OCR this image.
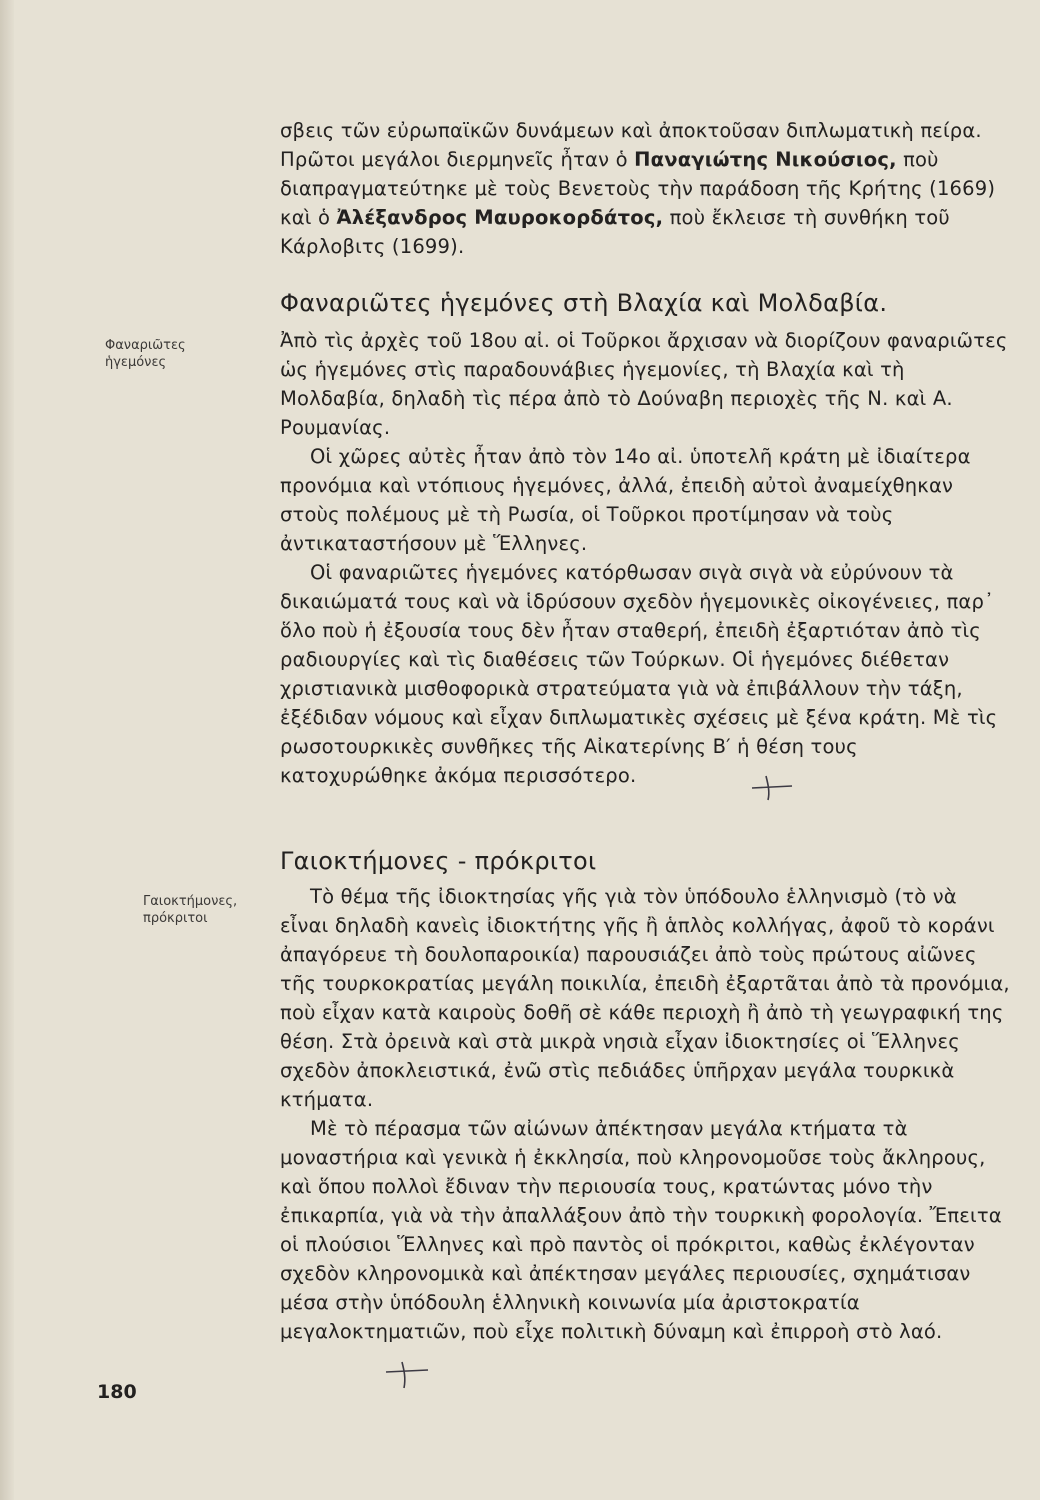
σβεις τῶν εὐρωπαϊκῶν δυνάμεων καὶ ἀποκτοῦσαν διπλωματικὴ πείρα. Πρῶτοι μεγάλοι διερμηνεῖς ἦταν ὁ Παναγιώτης Νικούσιος, ποὺ διαπραγματεύτηκε μὲ τοὺς Βενετοὺς τὴν παράδοση τῆς Κρήτης (1669) καὶ ὁ Ἀλέξανδρος Μαυροκορδάτος, ποὺ ἔκλεισε τὴ συνθήκη τοῦ Κάρλοβιτς (1699).

Φαναριῶτες ἡγεμόνες
Φαναριῶτες ἡγεμόνες στὴ Βλαχία καὶ Μολδαβία.

Ἀπὸ τὶς ἀρχὲς τοῦ 18ου αἰ. οἱ Τοῦρκοι ἄρχισαν νὰ διορίζουν φαναριῶτες ὡς ἡγεμόνες στὶς παραδουνάβιες ἡγεμονίες, τὴ Βλαχία καὶ τὴ Μολδαβία, δηλαδὴ τὶς πέρα ἀπὸ τὸ Δούναβη περιοχὲς τῆς Ν. καὶ Α. Ρουμανίας.

Οἱ χῶρες αὐτὲς ἦταν ἀπὸ τὸν 14ο αἰ. ὑποτελῆ κράτη μὲ ἰδιαίτερα προνόμια καὶ ντόπιους ἡγεμόνες, ἀλλά, ἐπειδὴ αὐτοὶ ἀναμείχθηκαν στοὺς πολέμους μὲ τὴ Ρωσία, οἱ Τοῦρκοι προτίμησαν νὰ τοὺς ἀντικαταστήσουν μὲ Ἕλληνες.

Οἱ φαναριῶτες ἡγεμόνες κατόρθωσαν σιγὰ σιγὰ νὰ εὐρύνουν τὰ δικαιώματά τους καὶ νὰ ἱδρύσουν σχεδὸν ἡγεμονικὲς οἰκογένειες, παρ᾽ ὅλο ποὺ ἡ ἐξουσία τους δὲν ἦταν σταθερή, ἐπειδὴ ἐξαρτιόταν ἀπὸ τὶς ραδιουργίες καὶ τὶς διαθέσεις τῶν Τούρκων. Οἱ ἡγεμόνες διέθεταν χριστιανικὰ μισθοφορικὰ στρατεύματα γιὰ νὰ ἐπιβάλλουν τὴν τάξη, ἐξέδιδαν νόμους καὶ εἶχαν διπλωματικὲς σχέσεις μὲ ξένα κράτη. Μὲ τὶς ρωσοτουρκικὲς συνθῆκες τῆς Αἰκατερίνης Β′ ἡ θέση τους κατοχυρώθηκε ἀκόμα περισσότερο.

Γαιοκτήμονες, πρόκριτοι
Γαιοκτήμονες - πρόκριτοι

Τὸ θέμα τῆς ἰδιοκτησίας γῆς γιὰ τὸν ὑπόδουλο ἑλληνισμὸ (τὸ νὰ εἶναι δηλαδὴ κανεὶς ἰδιοκτήτης γῆς ἢ ἁπλὸς κολλήγας, ἀφοῦ τὸ κοράνι ἀπαγόρευε τὴ δουλοπαροικία) παρουσιάζει ἀπὸ τοὺς πρώτους αἰῶνες τῆς τουρκοκρατίας μεγάλη ποικιλία, ἐπειδὴ ἐξαρτᾶται ἀπὸ τὰ προνόμια, ποὺ εἶχαν κατὰ καιροὺς δοθῆ σὲ κάθε περιοχὴ ἢ ἀπὸ τὴ γεωγραφική της θέση. Στὰ ὀρεινὰ καὶ στὰ μικρὰ νησιὰ εἶχαν ἰδιοκτησίες οἱ Ἕλληνες σχεδὸν ἀποκλειστικά, ἐνῶ στὶς πεδιάδες ὑπῆρχαν μεγάλα τουρκικὰ κτήματα.

Μὲ τὸ πέρασμα τῶν αἰώνων ἀπέκτησαν μεγάλα κτήματα τὰ μοναστήρια καὶ γενικὰ ἡ ἐκκλησία, ποὺ κληρονομοῦσε τοὺς ἄκληρους, καὶ ὅπου πολλοὶ ἔδιναν τὴν περιουσία τους, κρατώντας μόνο τὴν ἐπικαρπία, γιὰ νὰ τὴν ἀπαλλάξουν ἀπὸ τὴν τουρκικὴ φορολογία. Ἔπειτα οἱ πλούσιοι Ἕλληνες καὶ πρὸ παντὸς οἱ πρόκριτοι, καθὼς ἐκλέγονταν σχεδὸν κληρονομικὰ καὶ ἀπέκτησαν μεγάλες περιουσίες, σχημάτισαν μέσα στὴν ὑπόδουλη ἑλληνικὴ κοινωνία μία ἀριστοκρατία μεγαλοκτηματιῶν, ποὺ εἶχε πολιτικὴ δύναμη καὶ ἐπιρροὴ στὸ λαό.

180
